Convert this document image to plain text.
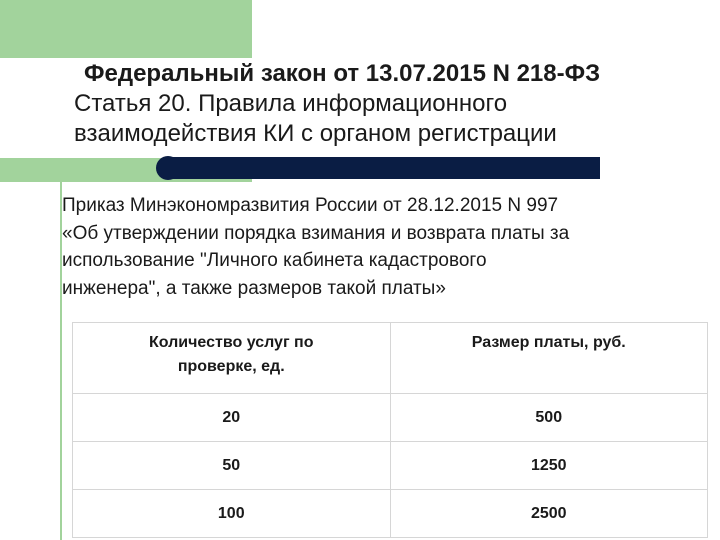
Федеральный закон от 13.07.2015 N 218-ФЗ
Статья 20. Правила информационного
взаимодействия КИ с органом регистрации
Приказ Минэкономразвития России от 28.12.2015 N 997
«Об утверждении порядка взимания и возврата платы за
использование "Личного кабинета кадастрового
инженера", а также размеров такой платы»
Количество услуг по
проверке, ед.	Размер платы, руб.
20	500
50	1250
100	2500
